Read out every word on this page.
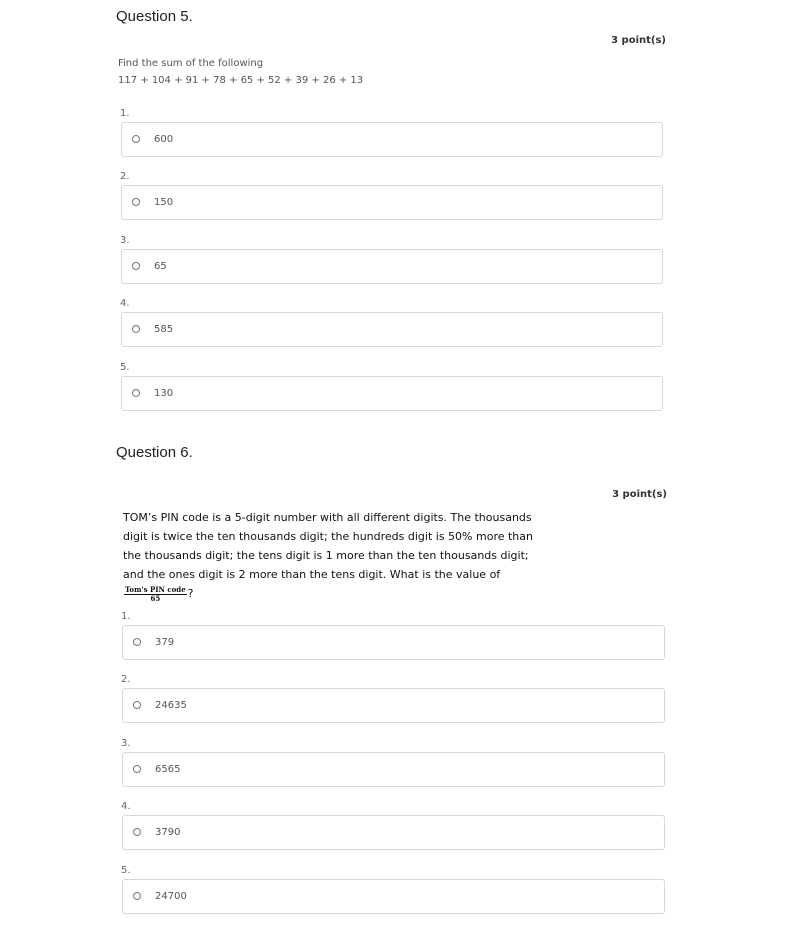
Question 5.
3 point(s)
Find the sum of the following
117 + 104 + 91 + 78 + 65 + 52 + 39 + 26 + 13
1.
600
2.
150
3.
65
4.
585
5.
130
Question 6.
3 point(s)
TOM’s PIN code is a 5-digit number with all different digits. The thousands digit is twice the ten thousands digit; the hundreds digit is 50% more than the thousands digit; the tens digit is 1 more than the ten thousands digit; and the ones digit is 2 more than the tens digit. What is the value of
$\frac{\text{Tom's PIN code}}{65}$ ?
1.
379
2.
24635
3.
6565
4.
3790
5.
24700
